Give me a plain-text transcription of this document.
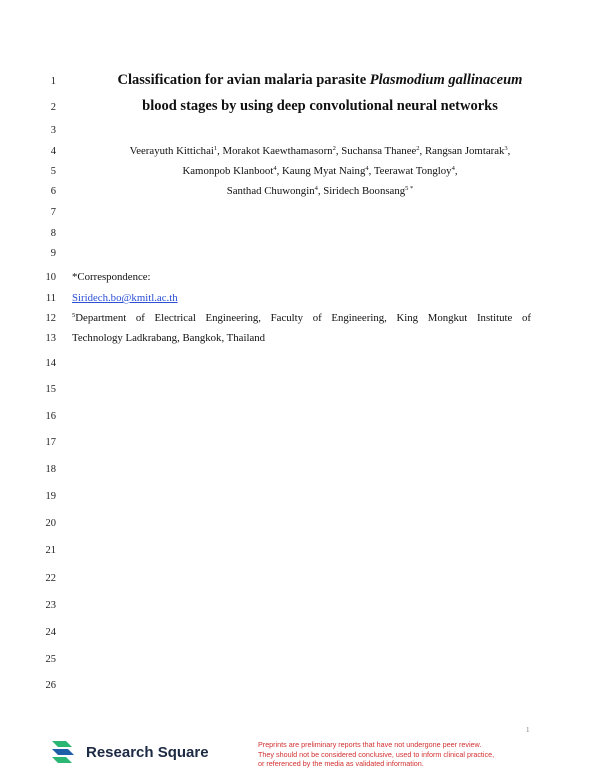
1
2
3
4
5
6
7
8
9
10
11
12
13
14
15
16
17
18
19
20
21
22
23
24
25
26
Classification for avian malaria parasite Plasmodium gallinaceum
blood stages by using deep convolutional neural networks
Veerayuth Kittichai$^1$, Morakot Kaewthamasorn$^2$, Suchansa Thanee$^2$, Rangsan Jomtarak$^3$,
Kamonpob Klanboot$^4$, Kaung Myat Naing$^4$, Teerawat Tongloy$^4$,
Santhad Chuwongin$^4$, Siridech Boonsang$^{5 *}$
*Correspondence:
Siridech.bo@kmitl.ac.th
$^5$Department of Electrical Engineering, Faculty of Engineering, King Mongkut Institute of
Technology Ladkrabang, Bangkok, Thailand
1
Research Square	Preprints are preliminary reports that have not undergone peer review.
They should not be considered conclusive, used to inform clinical practice,
or referenced by the media as validated information.
